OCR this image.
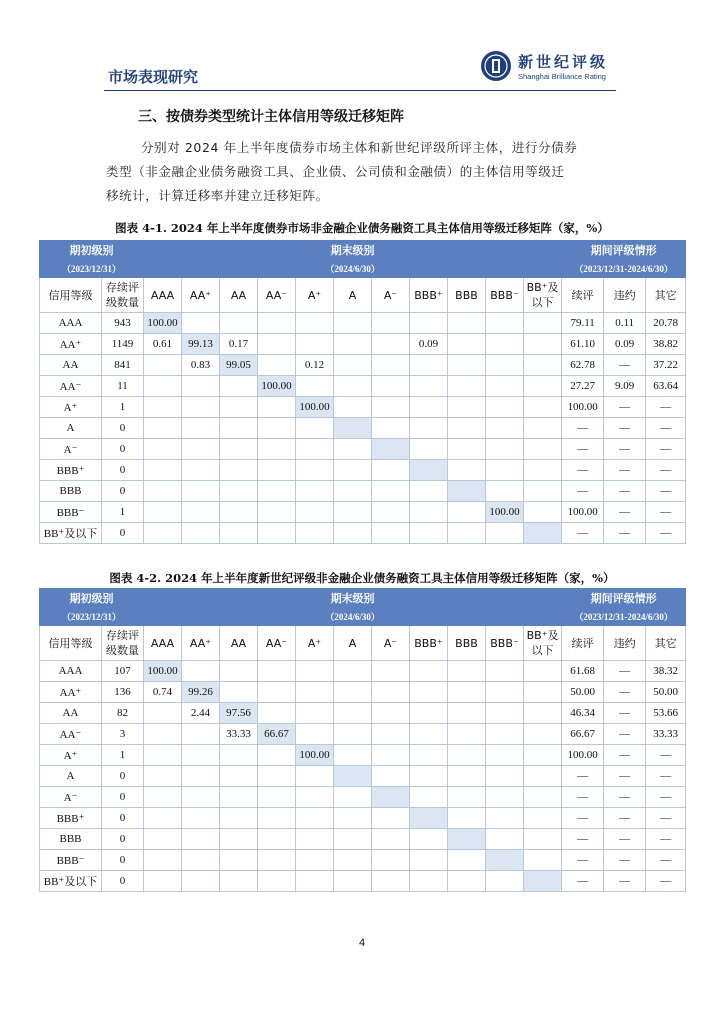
市场表现研究
新世纪评级
Shanghai Brilliance Rating
三、按债券类型统计主体信用等级迁移矩阵
分别对 2024 年上半年度债券市场主体和新世纪评级所评主体，进行分债券
类型（非金融企业债务融资工具、企业债、公司债和金融债）的主体信用等级迁
移统计，计算迁移率并建立迁移矩阵。
图表 4-1. 2024 年上半年度债券市场非金融企业债务融资工具主体信用等级迁移矩阵（家，%）
期初级别		期末级别											期间评级情形		
（2023/12/31）		（2024/6/30）											（2023/12/31-2024/6/30）		
信用等级	存续评级数量	AAA	AA⁺	AA	AA⁻	A⁺	A	A⁻	BBB⁺	BBB	BBB⁻	BB⁺及以下	续评	违约	其它
AAA	943	100.00											79.11	0.11	20.78
AA⁺	1149	0.61	99.13	0.17					0.09				61.10	0.09	38.82
AA	841		0.83	99.05		0.12							62.78	—	37.22
AA⁻	11				100.00								27.27	9.09	63.64
A⁺	1					100.00							100.00	—	—
A	0												—	—	—
A⁻	0												—	—	—
BBB⁺	0												—	—	—
BBB	0												—	—	—
BBB⁻	1										100.00		100.00	—	—
BB⁺及以下	0												—	—	—
图表 4-2. 2024 年上半年度新世纪评级非金融企业债务融资工具主体信用等级迁移矩阵（家，%）
期初级别		期末级别											期间评级情形		
（2023/12/31）		（2024/6/30）											（2023/12/31-2024/6/30）		
信用等级	存续评级数量	AAA	AA⁺	AA	AA⁻	A⁺	A	A⁻	BBB⁺	BBB	BBB⁻	BB⁺及以下	续评	违约	其它
AAA	107	100.00											61.68	—	38.32
AA⁺	136	0.74	99.26										50.00	—	50.00
AA	82		2.44	97.56									46.34	—	53.66
AA⁻	3			33.33	66.67								66.67	—	33.33
A⁺	1					100.00							100.00	—	—
A	0												—	—	—
A⁻	0												—	—	—
BBB⁺	0												—	—	—
BBB	0												—	—	—
BBB⁻	0												—	—	—
BB⁺及以下	0												—	—	—
4
